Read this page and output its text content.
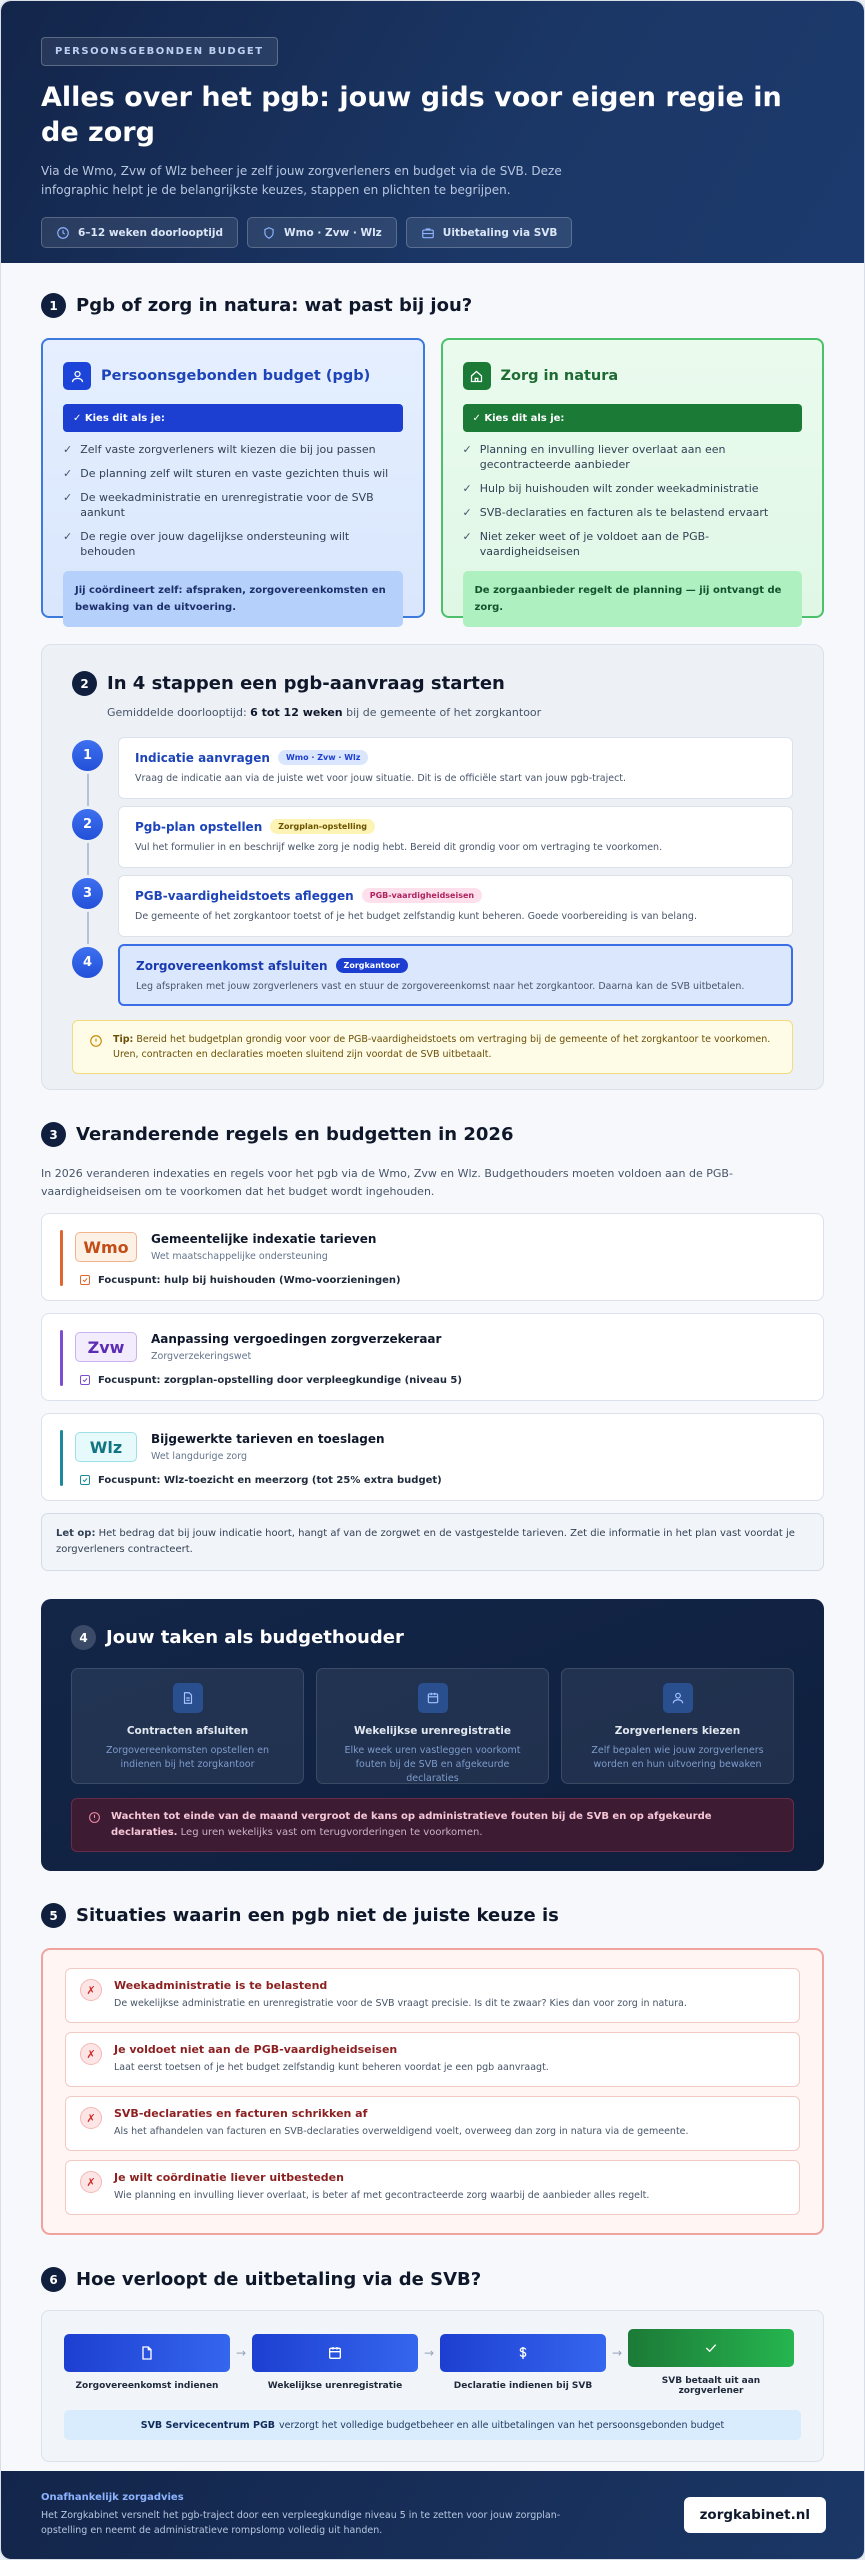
PERSOONSGEBONDEN BUDGET
Alles over het pgb: jouw gids voor eigen regie in de zorg

Via de Wmo, Zvw of Wlz beheer je zelf jouw zorgverleners en budget via de SVB. Deze infographic helpt je de belangrijkste keuzes, stappen en plichten te begrijpen.

6–12 weken doorlooptijd	Wmo · Zvw · Wlz	Uitbetaling via SVB
1	Pgb of zorg in natura: wat past bij jou?
Persoonsgebonden budget (pgb)
✓ Kies dit als je:
✓ Zelf vaste zorgverleners wilt kiezen die bij jou passen
✓ De planning zelf wilt sturen en vaste gezichten thuis wil
✓ De weekadministratie en urenregistratie voor de SVB aankunt
✓ De regie over jouw dagelijkse ondersteuning wilt behouden
Jij coördineert zelf: afspraken, zorgovereenkomsten en bewaking van de uitvoering.
Zorg in natura
✓ Kies dit als je:
✓ Planning en invulling liever overlaat aan een gecontracteerde aanbieder
✓ Hulp bij huishouden wilt zonder weekadministratie
✓ SVB-declaraties en facturen als te belastend ervaart
✓ Niet zeker weet of je voldoet aan de PGB-vaardigheidseisen
De zorgaanbieder regelt de planning — jij ontvangt de zorg.
2	In 4 stappen een pgb-aanvraag starten
Gemiddelde doorlooptijd: 6 tot 12 weken bij de gemeente of het zorgkantoor
1	Indicatie aanvragen	Wmo · Zvw · Wlz
Vraag de indicatie aan via de juiste wet voor jouw situatie. Dit is de officiële start van jouw pgb-traject.
2	Pgb-plan opstellen	Zorgplan-opstelling
Vul het formulier in en beschrijf welke zorg je nodig hebt. Bereid dit grondig voor om vertraging te voorkomen.
3	PGB-vaardigheidstoets afleggen	PGB-vaardigheidseisen
De gemeente of het zorgkantoor toetst of je het budget zelfstandig kunt beheren. Goede voorbereiding is van belang.
4	Zorgovereenkomst afsluiten	Zorgkantoor
Leg afspraken met jouw zorgverleners vast en stuur de zorgovereenkomst naar het zorgkantoor. Daarna kan de SVB uitbetalen.
Tip: Bereid het budgetplan grondig voor voor de PGB-vaardigheidstoets om vertraging bij de gemeente of het zorgkantoor te voorkomen. Uren, contracten en declaraties moeten sluitend zijn voordat de SVB uitbetaalt.
3	Veranderende regels en budgetten in 2026

In 2026 veranderen indexaties en regels voor het pgb via de Wmo, Zvw en Wlz. Budgethouders moeten voldoen aan de PGB-vaardigheidseisen om te voorkomen dat het budget wordt ingehouden.

Wmo	Gemeentelijke indexatie tarieven
Wet maatschappelijke ondersteuning
Focuspunt: hulp bij huishouden (Wmo-voorzieningen)
Zvw	Aanpassing vergoedingen zorgverzekeraar
Zorgverzekeringswet
Focuspunt: zorgplan-opstelling door verpleegkundige (niveau 5)
Wlz	Bijgewerkte tarieven en toeslagen
Wet langdurige zorg
Focuspunt: Wlz-toezicht en meerzorg (tot 25% extra budget)
Let op: Het bedrag dat bij jouw indicatie hoort, hangt af van de zorgwet en de vastgestelde tarieven. Zet die informatie in het plan vast voordat je zorgverleners contracteert.
4	Jouw taken als budgethouder
Contracten afsluiten
Zorgovereenkomsten opstellen en indienen bij het zorgkantoor
Wekelijkse urenregistratie
Elke week uren vastleggen voorkomt fouten bij de SVB en afgekeurde declaraties
Zorgverleners kiezen
Zelf bepalen wie jouw zorgverleners worden en hun uitvoering bewaken
Wachten tot einde van de maand vergroot de kans op administratieve fouten bij de SVB en op afgekeurde declaraties. Leg uren wekelijks vast om terugvorderingen te voorkomen.
5	Situaties waarin een pgb niet de juiste keuze is
✗	Weekadministratie is te belastend
De wekelijkse administratie en urenregistratie voor de SVB vraagt precisie. Is dit te zwaar? Kies dan voor zorg in natura.
✗	Je voldoet niet aan de PGB-vaardigheidseisen
Laat eerst toetsen of je het budget zelfstandig kunt beheren voordat je een pgb aanvraagt.
✗	SVB-declaraties en facturen schrikken af
Als het afhandelen van facturen en SVB-declaraties overweldigend voelt, overweeg dan zorg in natura via de gemeente.
✗	Je wilt coördinatie liever uitbesteden
Wie planning en invulling liever overlaat, is beter af met gecontracteerde zorg waarbij de aanbieder alles regelt.
6	Hoe verloopt de uitbetaling via de SVB?
Zorgovereenkomst indienen
→
Wekelijkse urenregistratie
→
Declaratie indienen bij SVB
→
SVB betaalt uit aan zorgverlener
SVB Servicecentrum PGB verzorgt het volledige budgetbeheer en alle uitbetalingen van het persoonsgebonden budget
Onafhankelijk zorgadvies
Het Zorgkabinet versnelt het pgb-traject door een verpleegkundige niveau 5 in te zetten voor jouw zorgplan-opstelling en neemt de administratieve rompslomp volledig uit handen.
zorgkabinet.nl
